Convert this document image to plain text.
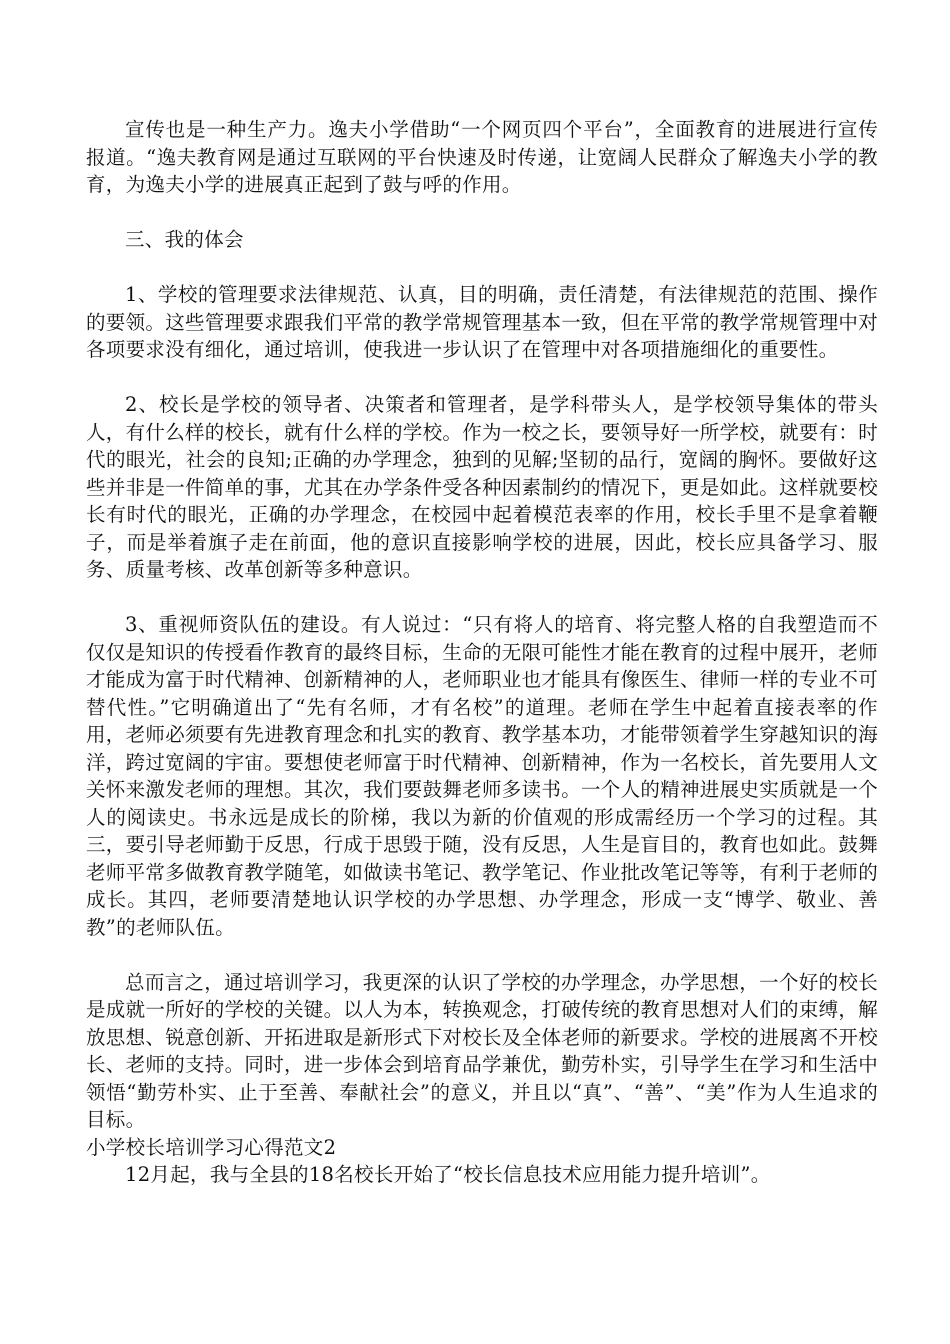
宣传也是一种生产力。逸夫小学借助“一个网页四个平台”，全面教育的进展进行宣传报道。“逸夫教育网是通过互联网的平台快速及时传递，让宽阔人民群众了解逸夫小学的教育，为逸夫小学的进展真正起到了鼓与呼的作用。

三、我的体会

1、学校的管理要求法律规范、认真，目的明确，责任清楚，有法律规范的范围、操作的要领。这些管理要求跟我们平常的教学常规管理基本一致，但在平常的教学常规管理中对各项要求没有细化，通过培训，使我进一步认识了在管理中对各项措施细化的重要性。

2、校长是学校的领导者、决策者和管理者，是学科带头人，是学校领导集体的带头人，有什么样的校长，就有什么样的学校。作为一校之长，要领导好一所学校，就要有：时代的眼光，社会的良知;正确的办学理念，独到的见解;坚韧的品行，宽阔的胸怀。要做好这些并非是一件简单的事，尤其在办学条件受各种因素制约的情况下，更是如此。这样就要校长有时代的眼光，正确的办学理念，在校园中起着模范表率的作用，校长手里不是拿着鞭子，而是举着旗子走在前面，他的意识直接影响学校的进展，因此，校长应具备学习、服务、质量考核、改革创新等多种意识。

3、重视师资队伍的建设。有人说过：“只有将人的培育、将完整人格的自我塑造而不仅仅是知识的传授看作教育的最终目标，生命的无限可能性才能在教育的过程中展开，老师才能成为富于时代精神、创新精神的人，老师职业也才能具有像医生、律师一样的专业不可替代性。”它明确道出了“先有名师，才有名校”的道理。老师在学生中起着直接表率的作用，老师必须要有先进教育理念和扎实的教育、教学基本功，才能带领着学生穿越知识的海洋，跨过宽阔的宇宙。要想使老师富于时代精神、创新精神，作为一名校长，首先要用人文关怀来激发老师的理想。其次，我们要鼓舞老师多读书。一个人的精神进展史实质就是一个人的阅读史。书永远是成长的阶梯，我以为新的价值观的形成需经历一个学习的过程。其三，要引导老师勤于反思，行成于思毁于随，没有反思，人生是盲目的，教育也如此。鼓舞老师平常多做教育教学随笔，如做读书笔记、教学笔记、作业批改笔记等等，有利于老师的成长。其四，老师要清楚地认识学校的办学思想、办学理念，形成一支“博学、敬业、善教”的老师队伍。

总而言之，通过培训学习，我更深的认识了学校的办学理念，办学思想，一个好的校长是成就一所好的学校的关键。以人为本，转换观念，打破传统的教育思想对人们的束缚，解放思想、锐意创新、开拓进取是新形式下对校长及全体老师的新要求。学校的进展离不开校长、老师的支持。同时，进一步体会到培育品学兼优，勤劳朴实，引导学生在学习和生活中领悟“勤劳朴实、止于至善、奉献社会”的意义，并且以“真”、“善”、“美”作为人生追求的目标。

小学校长培训学习心得范文2

12月起，我与全县的18名校长开始了“校长信息技术应用能力提升培训”。
